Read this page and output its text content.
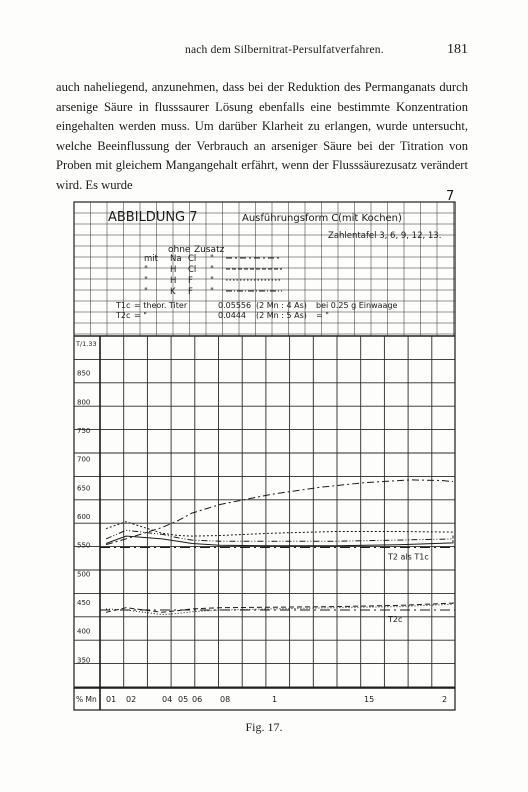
nach dem Silbernitrat-Persulfatverfahren.	181

auch naheliegend, anzunehmen, dass bei der Reduktion des Permanganats durch arsenige Säure in flusssaurer Lösung ebenfalls eine bestimmte Konzentration eingehalten werden muss. Um darüber Klarheit zu erlangen, wurde untersucht, welche Beeinflussung der Verbrauch an arseniger Säure bei der Titration von Proben mit gleichem Mangangehalt erfährt, wenn der Flusssäurezusatz verändert wird. Es wurde

7
ABBILDUNG 7	Ausführungsform C (mit Kochen)
Zahlentafel 3, 6, 9, 12, 13.
ohne Zusatz
mit Na Cl "
"	H Cl "
"	H F "
"	K F "
T1c = theor. Titer	0.05556 (2 Mn : 4 As) bei 0.25 g Einwaage
T2c = "	0.0444 (2 Mn : 5 As) = "
T/1.33
850
800
750
700
650
600
550
500
450
400
350
% Mn 01 02	04 05 06 08	1	15	2
T2 als T1c
T2c
Fig. 17.
